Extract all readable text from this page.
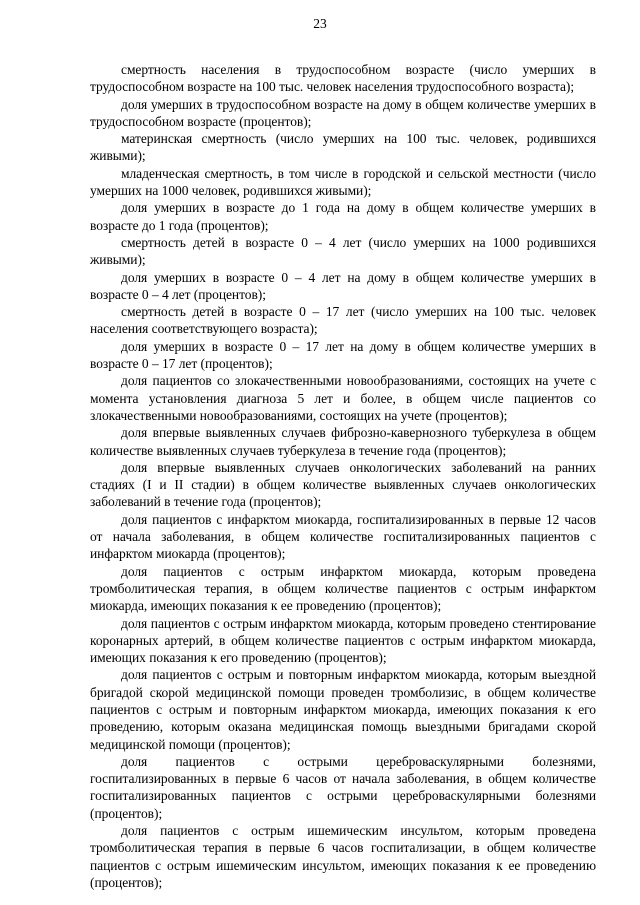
23

смертность населения в трудоспособном возрасте (число умерших в трудоспособном возрасте на 100 тыс. человек населения трудоспособного возраста);

доля умерших в трудоспособном возрасте на дому в общем количестве умерших в трудоспособном возрасте (процентов);

материнская смертность (число умерших на 100 тыс. человек, родившихся живыми);

младенческая смертность, в том числе в городской и сельской местности (число умерших на 1000 человек, родившихся живыми);

доля умерших в возрасте до 1 года на дому в общем количестве умерших в возрасте до 1 года (процентов);

смертность детей в возрасте 0 – 4 лет (число умерших на 1000 родившихся живыми);

доля умерших в возрасте 0 – 4 лет на дому в общем количестве умерших в возрасте 0 – 4 лет (процентов);

смертность детей в возрасте 0 – 17 лет (число умерших на 100 тыс. человек населения соответствующего возраста);

доля умерших в возрасте 0 – 17 лет на дому в общем количестве умерших в возрасте 0 – 17 лет (процентов);

доля пациентов со злокачественными новообразованиями, состоящих на учете с момента установления диагноза 5 лет и более, в общем числе пациентов со злокачественными новообразованиями, состоящих на учете (процентов);

доля впервые выявленных случаев фиброзно-кавернозного туберкулеза в общем количестве выявленных случаев туберкулеза в течение года (процентов);

доля впервые выявленных случаев онкологических заболеваний на ранних стадиях (I и II стадии) в общем количестве выявленных случаев онкологических заболеваний в течение года (процентов);

доля пациентов с инфарктом миокарда, госпитализированных в первые 12 часов от начала заболевания, в общем количестве госпитализированных пациентов с инфарктом миокарда (процентов);

доля пациентов с острым инфарктом миокарда, которым проведена тромболитическая терапия, в общем количестве пациентов с острым инфарктом миокарда, имеющих показания к ее проведению (процентов);

доля пациентов с острым инфарктом миокарда, которым проведено стентирование коронарных артерий, в общем количестве пациентов с острым инфарктом миокарда, имеющих показания к его проведению (процентов);

доля пациентов с острым и повторным инфарктом миокарда, которым выездной бригадой скорой медицинской помощи проведен тромболизис, в общем количестве пациентов с острым и повторным инфарктом миокарда, имеющих показания к его проведению, которым оказана медицинская помощь выездными бригадами скорой медицинской помощи (процентов);

доля пациентов с острыми цереброваскулярными болезнями, госпитализированных в первые 6 часов от начала заболевания, в общем количестве госпитализированных пациентов с острыми цереброваскулярными болезнями (процентов);

доля пациентов с острым ишемическим инсультом, которым проведена тромболитическая терапия в первые 6 часов госпитализации, в общем количестве пациентов с острым ишемическим инсультом, имеющих показания к ее проведению (процентов);
